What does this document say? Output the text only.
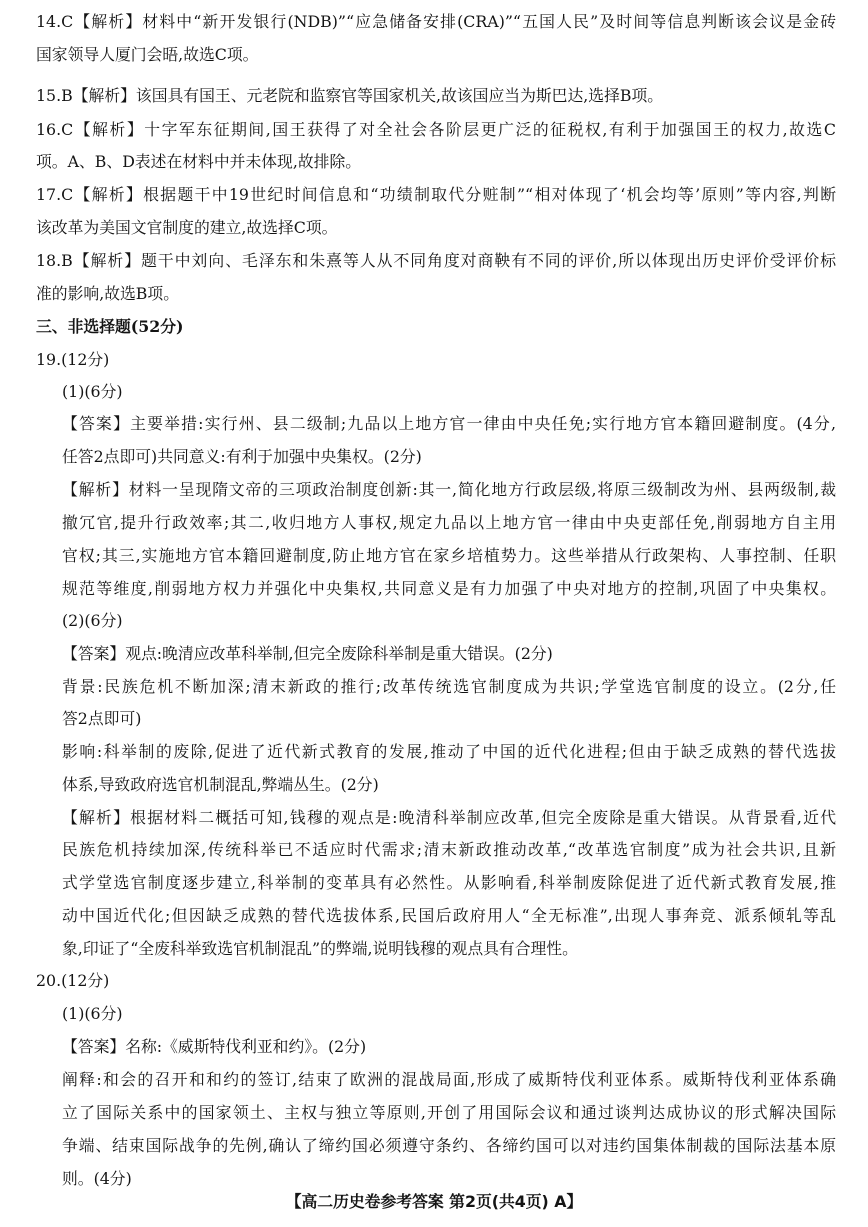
14.C【解析】材料中“新开发银行(NDB)”“应急储备安排(CRA)”“五国人民”及时间等信息判断该会议是金砖
国家领导人厦门会晤,故选C项。
15.B【解析】该国具有国王、元老院和监察官等国家机关,故该国应当为斯巴达,选择B项。
16.C【解析】十字军东征期间,国王获得了对全社会各阶层更广泛的征税权,有利于加强国王的权力,故选C
项。A、B、D表述在材料中并未体现,故排除。
17.C【解析】根据题干中19世纪时间信息和“功绩制取代分赃制”“相对体现了‘机会均等’原则”等内容,判断
该改革为美国文官制度的建立,故选择C项。
18.B【解析】题干中刘向、毛泽东和朱熹等人从不同角度对商鞅有不同的评价,所以体现出历史评价受评价标
准的影响,故选B项。
三、非选择题(52分)
19.(12分)
(1)(6分)
【答案】主要举措:实行州、县二级制;九品以上地方官一律由中央任免;实行地方官本籍回避制度。(4分,
任答2点即可)共同意义:有利于加强中央集权。(2分)
【解析】材料一呈现隋文帝的三项政治制度创新:其一,简化地方行政层级,将原三级制改为州、县两级制,裁
撤冗官,提升行政效率;其二,收归地方人事权,规定九品以上地方官一律由中央吏部任免,削弱地方自主用
官权;其三,实施地方官本籍回避制度,防止地方官在家乡培植势力。这些举措从行政架构、人事控制、任职
规范等维度,削弱地方权力并强化中央集权,共同意义是有力加强了中央对地方的控制,巩固了中央集权。
(2)(6分)
【答案】观点:晚清应改革科举制,但完全废除科举制是重大错误。(2分)
背景:民族危机不断加深;清末新政的推行;改革传统选官制度成为共识;学堂选官制度的设立。(2分,任
答2点即可)
影响:科举制的废除,促进了近代新式教育的发展,推动了中国的近代化进程;但由于缺乏成熟的替代选拔
体系,导致政府选官机制混乱,弊端丛生。(2分)
【解析】根据材料二概括可知,钱穆的观点是:晚清科举制应改革,但完全废除是重大错误。从背景看,近代
民族危机持续加深,传统科举已不适应时代需求;清末新政推动改革,“改革选官制度”成为社会共识,且新
式学堂选官制度逐步建立,科举制的变革具有必然性。从影响看,科举制废除促进了近代新式教育发展,推
动中国近代化;但因缺乏成熟的替代选拔体系,民国后政府用人“全无标准”,出现人事奔竞、派系倾轧等乱
象,印证了“全废科举致选官机制混乱”的弊端,说明钱穆的观点具有合理性。
20.(12分)
(1)(6分)
【答案】名称:《威斯特伐利亚和约》。(2分)
阐释:和会的召开和和约的签订,结束了欧洲的混战局面,形成了威斯特伐利亚体系。威斯特伐利亚体系确
立了国际关系中的国家领土、主权与独立等原则,开创了用国际会议和通过谈判达成协议的形式解决国际
争端、结束国际战争的先例,确认了缔约国必须遵守条约、各缔约国可以对违约国集体制裁的国际法基本原
则。(4分)
【高二历史卷参考答案 第2页(共4页) A】
